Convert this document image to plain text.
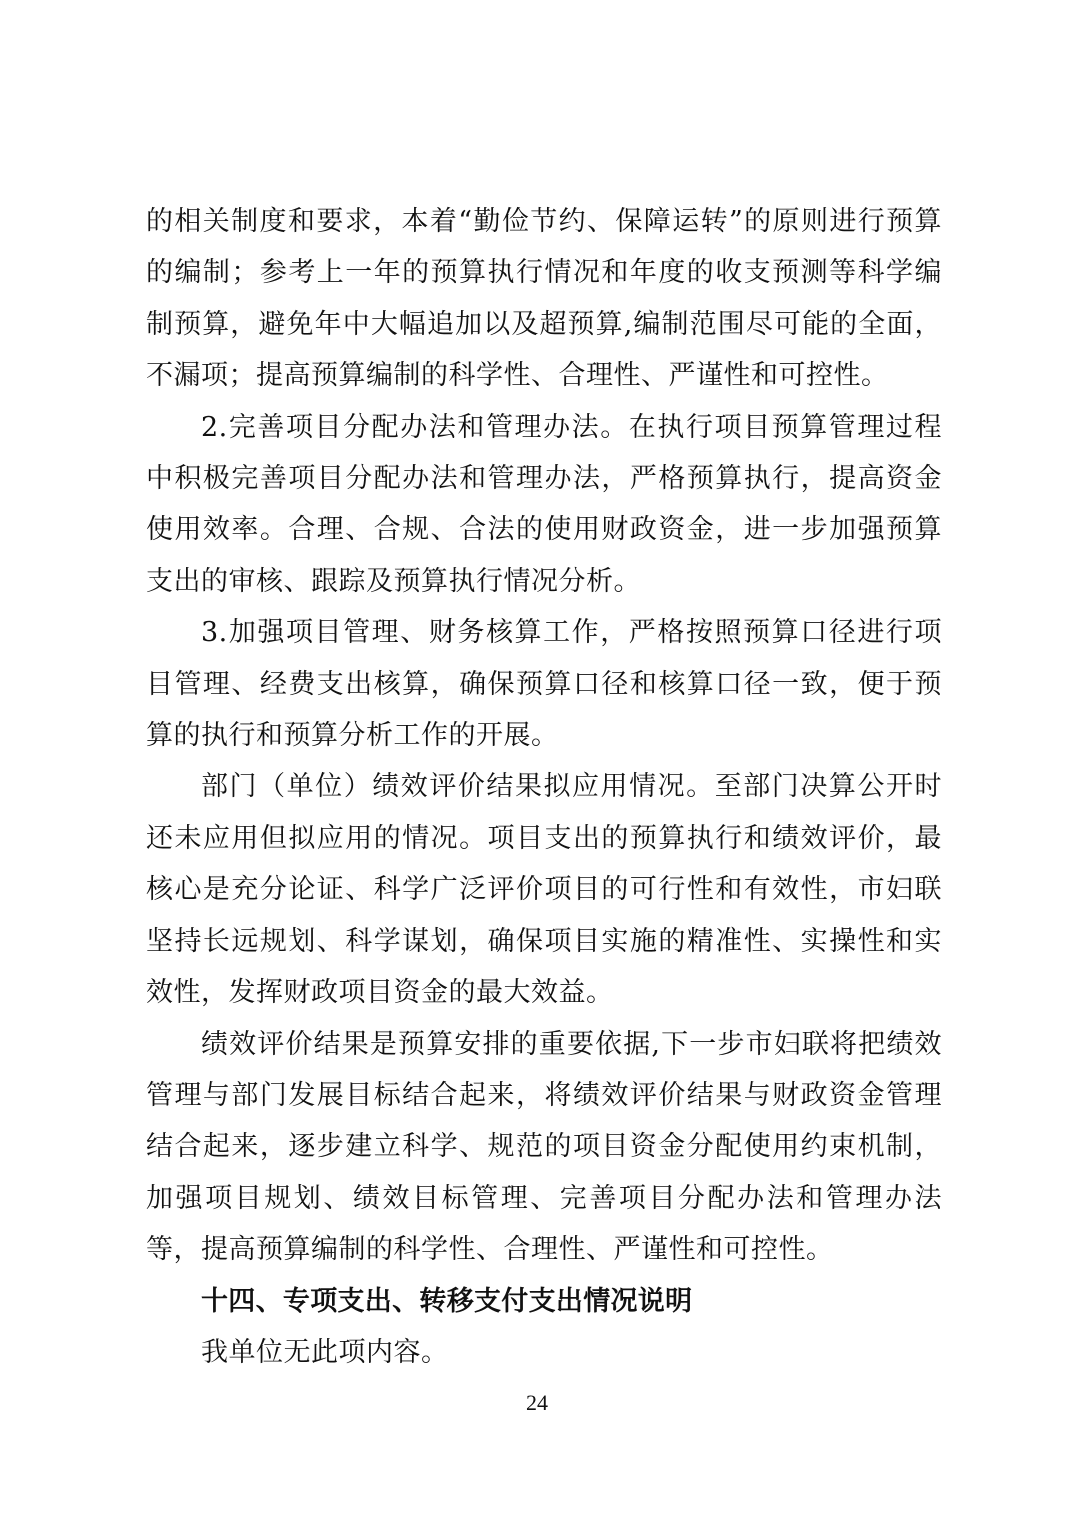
的相关制度和要求，本着“勤俭节约、保障运转”的原则进行预算的编制；参考上一年的预算执行情况和年度的收支预测等科学编制预算，避免年中大幅追加以及超预算,编制范围尽可能的全面，不漏项；提高预算编制的科学性、合理性、严谨性和可控性。

2.完善项目分配办法和管理办法。在执行项目预算管理过程中积极完善项目分配办法和管理办法，严格预算执行，提高资金使用效率。合理、合规、合法的使用财政资金，进一步加强预算支出的审核、跟踪及预算执行情况分析。

3.加强项目管理、财务核算工作，严格按照预算口径进行项目管理、经费支出核算，确保预算口径和核算口径一致，便于预算的执行和预算分析工作的开展。

部门（单位）绩效评价结果拟应用情况。至部门决算公开时还未应用但拟应用的情况。项目支出的预算执行和绩效评价，最核心是充分论证、科学广泛评价项目的可行性和有效性，市妇联坚持长远规划、科学谋划，确保项目实施的精准性、实操性和实效性，发挥财政项目资金的最大效益。

绩效评价结果是预算安排的重要依据,下一步市妇联将把绩效管理与部门发展目标结合起来，将绩效评价结果与财政资金管理结合起来，逐步建立科学、规范的项目资金分配使用约束机制，加强项目规划、绩效目标管理、完善项目分配办法和管理办法等，提高预算编制的科学性、合理性、严谨性和可控性。

十四、专项支出、转移支付支出情况说明

我单位无此项内容。

24
